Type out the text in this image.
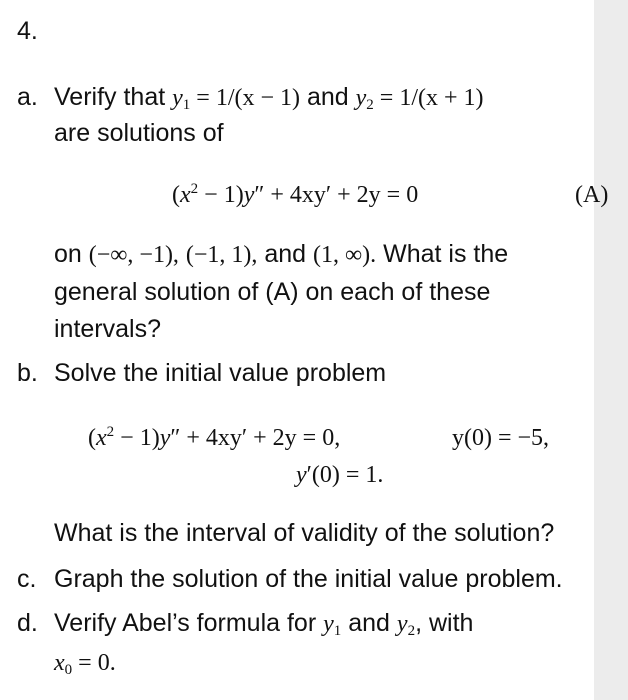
4.
a. Verify that $y_1 = 1/(x - 1)$ and $y_2 = 1/(x + 1)$
are solutions of
$(x^2 - 1)y'' + 4xy' + 2y = 0$	(A)
on (−∞, −1), (−1, 1), and (1, ∞). What is the
general solution of (A) on each of these
intervals?
b. Solve the initial value problem
$(x^2 - 1)y'' + 4xy' + 2y = 0$,	y(0) = −5,
y′(0) = 1.
What is the interval of validity of the solution?
c. Graph the solution of the initial value problem.
d. Verify Abel’s formula for $y_1$ and $y_2$, with
$x_0 = 0$.
